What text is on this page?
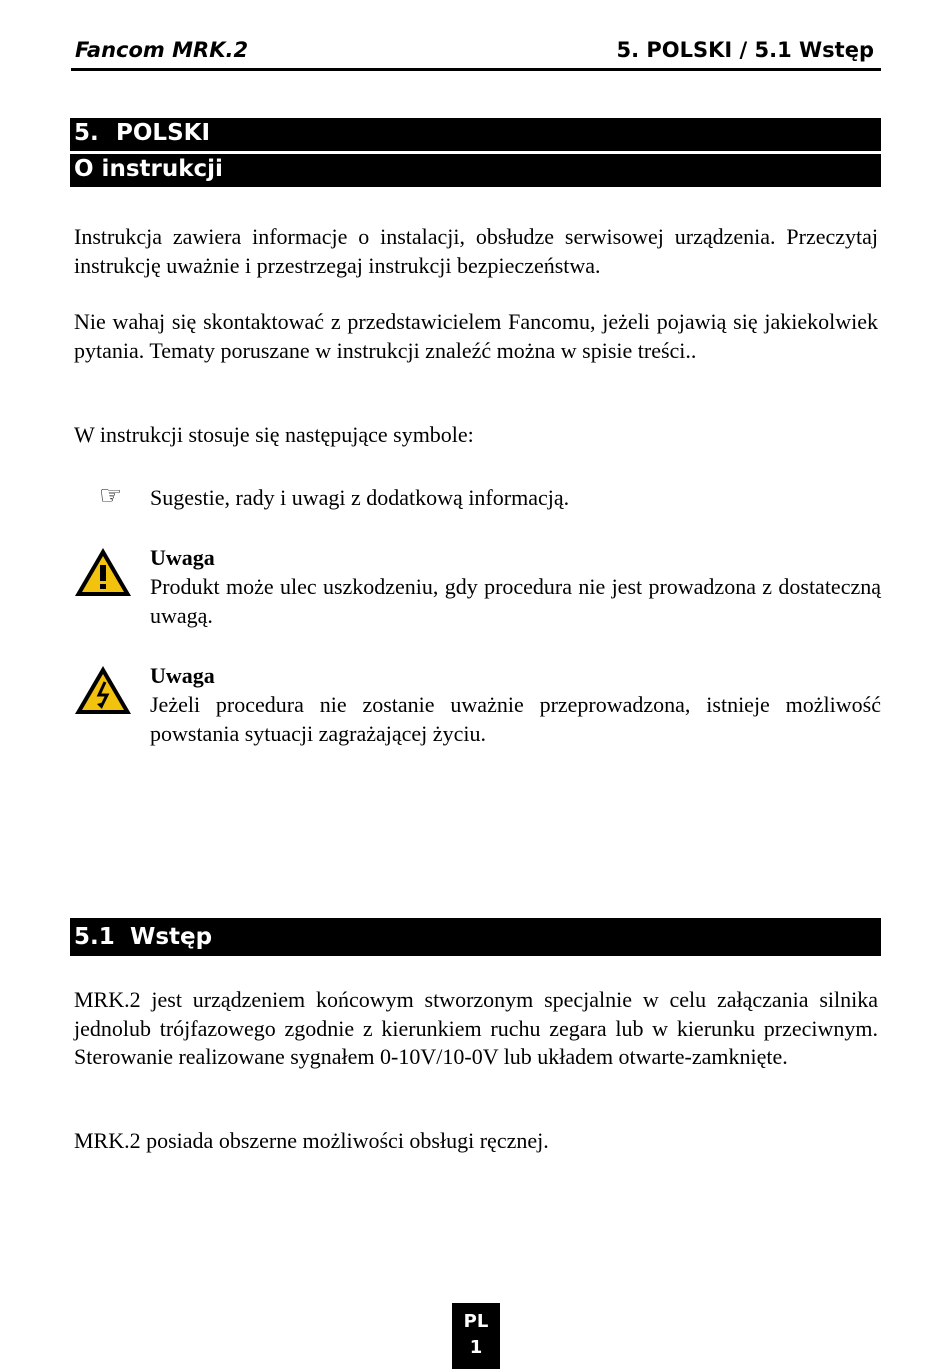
Fancom MRK.2	5. POLSKI / 5.1 Wstęp
5. POLSKI
O instrukcji
Instrukcja zawiera informacje o instalacji, obsłudze serwisowej urządzenia. Przeczytaj instrukcję uważnie i przestrzegaj instrukcji bezpieczeństwa.
Nie wahaj się skontaktować z przedstawicielem Fancomu, jeżeli pojawią się jakiekolwiek pytania. Tematy poruszane w instrukcji znaleźć można w spisie treści..
W instrukcji stosuje się następujące symbole:
☞ Sugestie, rady i uwagi z dodatkową informacją.
Uwaga
Produkt może ulec uszkodzeniu, gdy procedura nie jest prowadzona z dostateczną uwagą.
Uwaga
Jeżeli procedura nie zostanie uważnie przeprowadzona, istnieje możliwość powstania sytuacji zagrażającej życiu.
5.1 Wstęp
MRK.2 jest urządzeniem końcowym stworzonym specjalnie w celu załączania silnika jednolub trójfazowego zgodnie z kierunkiem ruchu zegara lub w kierunku przeciwnym. Sterowanie realizowane sygnałem 0-10V/10-0V lub układem otwarte-zamknięte.
MRK.2 posiada obszerne możliwości obsługi ręcznej.
PL
1
